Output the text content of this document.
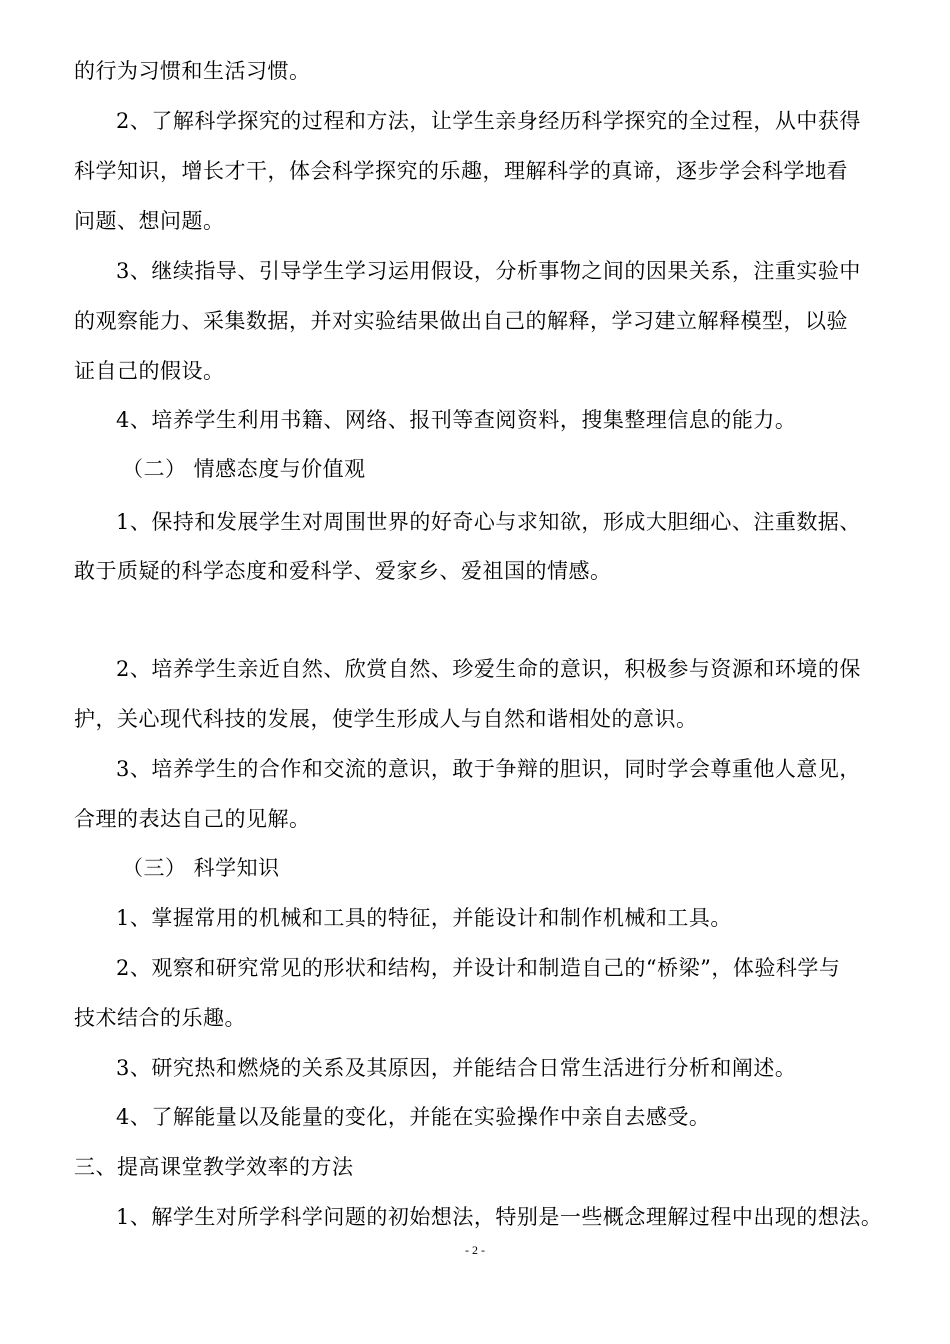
的行为习惯和生活习惯。
2、了解科学探究的过程和方法，让学生亲身经历科学探究的全过程，从中获得
科学知识，增长才干，体会科学探究的乐趣，理解科学的真谛，逐步学会科学地看
问题、想问题。
3、继续指导、引导学生学习运用假设，分析事物之间的因果关系，注重实验中
的观察能力、采集数据，并对实验结果做出自己的解释，学习建立解释模型，以验
证自己的假设。
4、培养学生利用书籍、网络、报刊等查阅资料，搜集整理信息的能力。
（二） 情感态度与价值观
1、保持和发展学生对周围世界的好奇心与求知欲，形成大胆细心、注重数据、
敢于质疑的科学态度和爱科学、爱家乡、爱祖国的情感。
2、培养学生亲近自然、欣赏自然、珍爱生命的意识，积极参与资源和环境的保
护，关心现代科技的发展，使学生形成人与自然和谐相处的意识。
3、培养学生的合作和交流的意识，敢于争辩的胆识，同时学会尊重他人意见，
合理的表达自己的见解。
（三） 科学知识
1、掌握常用的机械和工具的特征，并能设计和制作机械和工具。
2、观察和研究常见的形状和结构，并设计和制造自己的“桥梁”，体验科学与
技术结合的乐趣。
3、研究热和燃烧的关系及其原因，并能结合日常生活进行分析和阐述。
4、了解能量以及能量的变化，并能在实验操作中亲自去感受。
三、提高课堂教学效率的方法
1、解学生对所学科学问题的初始想法，特别是一些概念理解过程中出现的想法。
- 2 -
